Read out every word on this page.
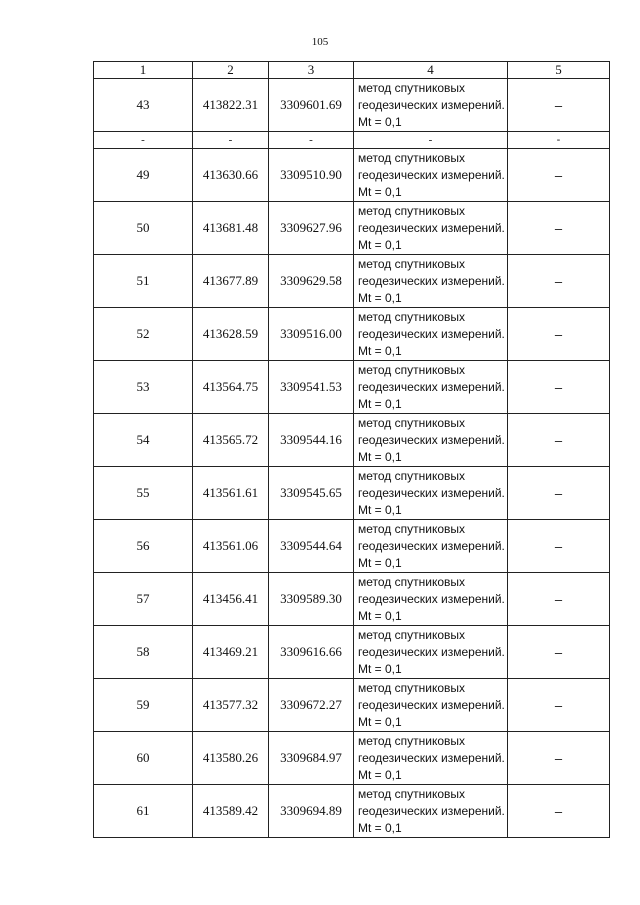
105
1	2	3	4	5
43	413822.31	3309601.69	метод спутниковых геодезических измерений. Mt = 0,1	–
-	-	-	-	-
49	413630.66	3309510.90	метод спутниковых геодезических измерений. Mt = 0,1	–
50	413681.48	3309627.96	метод спутниковых геодезических измерений. Mt = 0,1	–
51	413677.89	3309629.58	метод спутниковых геодезических измерений. Mt = 0,1	–
52	413628.59	3309516.00	метод спутниковых геодезических измерений. Mt = 0,1	–
53	413564.75	3309541.53	метод спутниковых геодезических измерений. Mt = 0,1	–
54	413565.72	3309544.16	метод спутниковых геодезических измерений. Mt = 0,1	–
55	413561.61	3309545.65	метод спутниковых геодезических измерений. Mt = 0,1	–
56	413561.06	3309544.64	метод спутниковых геодезических измерений. Mt = 0,1	–
57	413456.41	3309589.30	метод спутниковых геодезических измерений. Mt = 0,1	–
58	413469.21	3309616.66	метод спутниковых геодезических измерений. Mt = 0,1	–
59	413577.32	3309672.27	метод спутниковых геодезических измерений. Mt = 0,1	–
60	413580.26	3309684.97	метод спутниковых геодезических измерений. Mt = 0,1	–
61	413589.42	3309694.89	метод спутниковых геодезических измерений. Mt = 0,1	–
